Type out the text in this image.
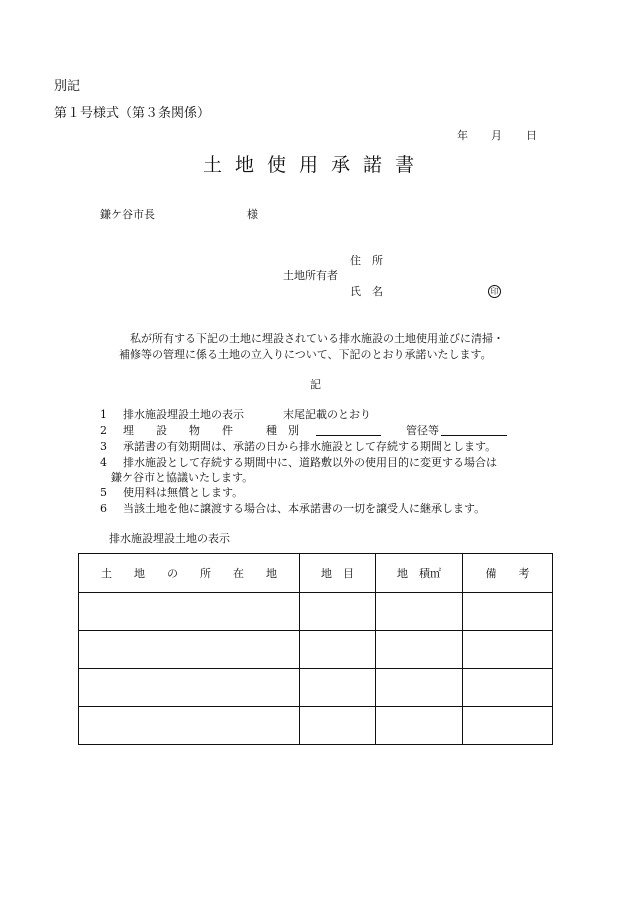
別記
第１号様式（第３条関係）
年 月 日
土地使用承諾書
鎌ケ谷市長	様
住　所
土地所有者
氏　名	印
私が所有する下記の土地に埋設されている排水施設の土地使用並びに清掃・
補修等の管理に係る土地の立入りについて、下記のとおり承諾いたします。
記
1 排水施設埋設土地の表示	末尾記載のとおり
2 埋　　設　　物　　件　　　種　別	管径等
3 承諾書の有効期間は、承諾の日から排水施設として存続する期間とします。
4 排水施設として存続する期間中に、道路敷以外の使用目的に変更する場合は
鎌ケ谷市と協議いたします。
5 使用料は無償とします。
6 当該土地を他に譲渡する場合は、本承諾書の一切を譲受人に継承します。
排水施設埋設土地の表示
土　　地　　の　　所　　在　　地	地　目	地　積㎡	備　　考
